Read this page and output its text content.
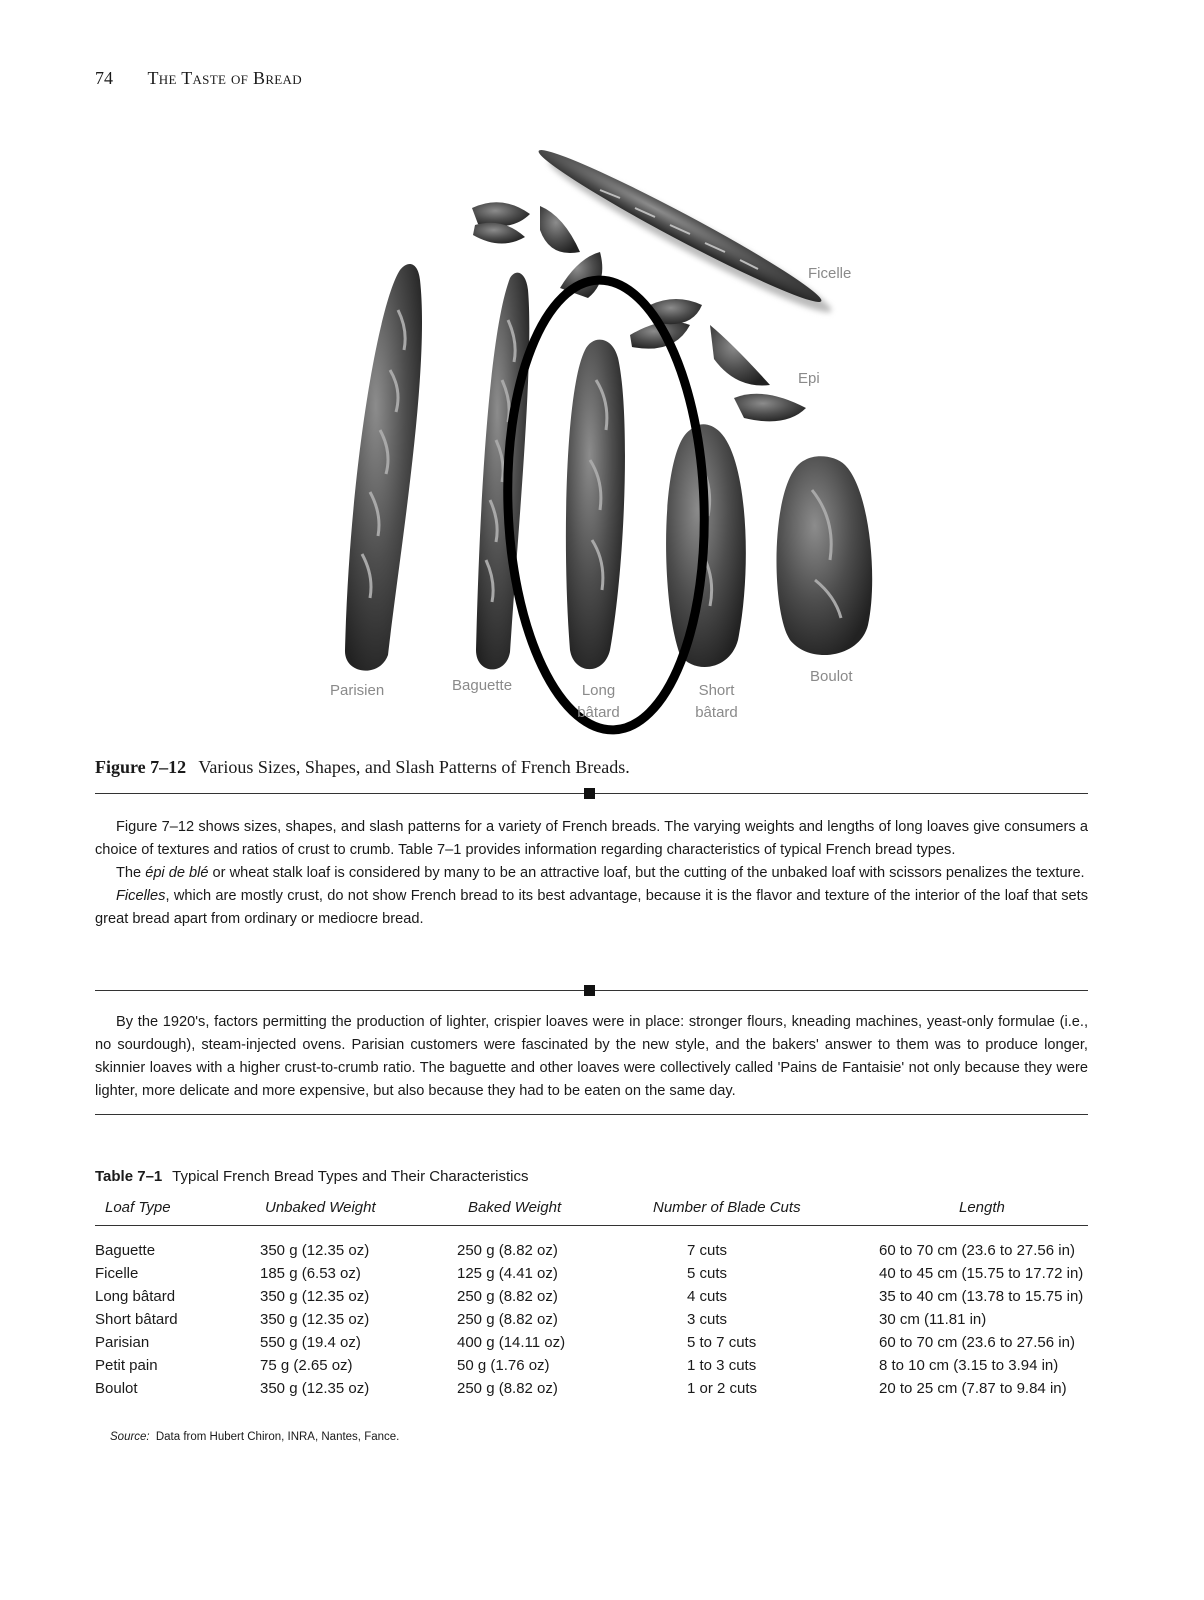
74 The Taste of Bread
Ficelle
Epi
Parisien	Baguette	Long
bâtard
Short
bâtard
Boulot
Figure 7–12 Various Sizes, Shapes, and Slash Patterns of French Breads.

Figure 7–12 shows sizes, shapes, and slash patterns for a variety of French breads. The varying weights and lengths of long loaves give consumers a choice of textures and ratios of crust to crumb. Table 7–1 provides information regarding characteristics of typical French bread types.

The épi de blé or wheat stalk loaf is considered by many to be an attractive loaf, but the cutting of the unbaked loaf with scissors penalizes the texture.

Ficelles, which are mostly crust, do not show French bread to its best advantage, because it is the flavor and texture of the interior of the loaf that sets great bread apart from ordinary or mediocre bread.

By the 1920's, factors permitting the production of lighter, crispier loaves were in place: stronger flours, kneading machines, yeast-only formulae (i.e., no sourdough), steam-injected ovens. Parisian customers were fascinated by the new style, and the bakers' answer to them was to produce longer, skinnier loaves with a higher crust-to-crumb ratio. The baguette and other loaves were collectively called 'Pains de Fantaisie' not only because they were lighter, more delicate and more expensive, but also because they had to be eaten on the same day.

Table 7–1 Typical French Bread Types and Their Characteristics
Loaf Type	Unbaked Weight	Baked Weight	Number of Blade Cuts	Length
Baguette	350 g (12.35 oz)	250 g (8.82 oz)	7 cuts	60 to 70 cm (23.6 to 27.56 in)
Ficelle	185 g (6.53 oz)	125 g (4.41 oz)	5 cuts	40 to 45 cm (15.75 to 17.72 in)
Long bâtard	350 g (12.35 oz)	250 g (8.82 oz)	4 cuts	35 to 40 cm (13.78 to 15.75 in)
Short bâtard	350 g (12.35 oz)	250 g (8.82 oz)	3 cuts	30 cm (11.81 in)
Parisian	550 g (19.4 oz)	400 g (14.11 oz)	5 to 7 cuts	60 to 70 cm (23.6 to 27.56 in)
Petit pain	75 g (2.65 oz)	50 g (1.76 oz)	1 to 3 cuts	8 to 10 cm (3.15 to 3.94 in)
Boulot	350 g (12.35 oz)	250 g (8.82 oz)	1 or 2 cuts	20 to 25 cm (7.87 to 9.84 in)
Source: Data from Hubert Chiron, INRA, Nantes, Fance.
